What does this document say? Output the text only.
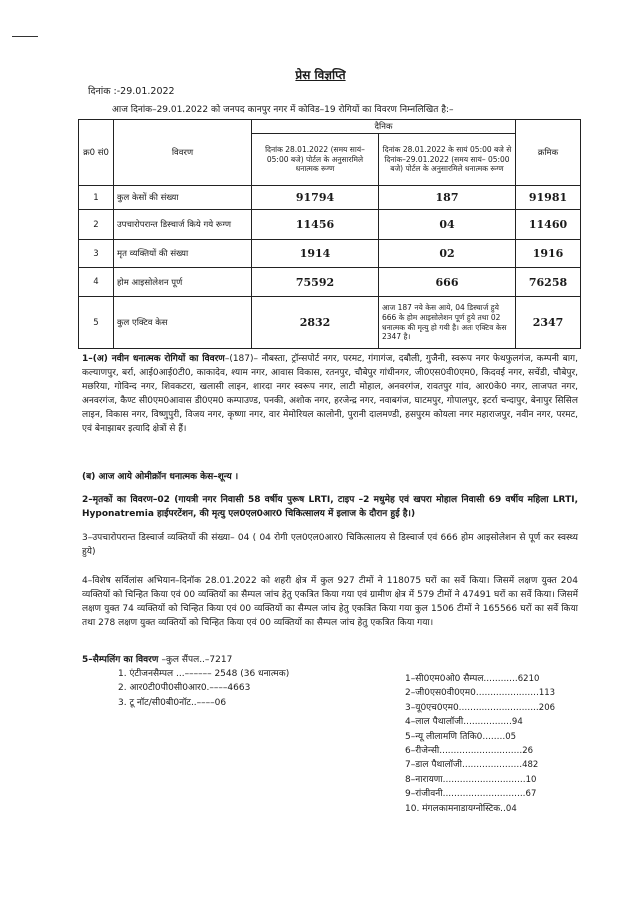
प्रेस विज्ञप्ति
दिनांक :-29.01.2022
आज दिनांक–29.01.2022 को जनपद कानपुर नगर में कोविड–19 रोगियों का विवरण निम्नलिखित है:–
क्र0 सं0	विवरण	दैनिक		क्रमिक
		दिनांक 28.01.2022 (समय सायं– 05:00 बजे) पोर्टल के अनुसारमिले धनात्मक रूग्ण	दिनांक 28.01.2022 के सायं 05:00 बजे से दिनांक–29.01.2022 (समय सायं– 05:00 बजे) पोर्टल के अनुसारमिले धनात्मक रूग्ण	
1	कुल केसों की संख्या	91794	187	91981
2	उपचारोपरान्त डिस्चार्ज किये गये रूग्ण	11456	04	11460
3	मृत व्यक्तियों की संख्या	1914	02	1916
4	होम आइसोलेशन पूर्ण	75592	666	76258
5	कुल एक्टिव केस	2832	आज 187 नये केस आये, 04 डिस्चार्ज हुये 666 के होम आइसोलेशन पूर्ण हुये तथा 02 धनात्मक की मृत्यु हो गयी है। अतः एक्टिव केस 2347 है।	2347
1–(अ) नवीन धनात्मक रोगियों का विवरण–(187)– नौबस्ता, ट्रॉन्सपोर्ट नगर, परमट, गंगागंज, दबौली, गुजैनी, स्वरूप नगर फेथफुलगंज, कम्पनी बाग, कल्याणपुर, बर्रा, आई0आई0टी0, काकादेव, श्याम नगर, आवास विकास, रतनपुर, चौबेपुर गांधीनगर, जी0एस0वी0एम0, किदवई नगर, सचेंडी, चौबेपुर, मछरिया, गोविन्द नगर, शिवकटरा, खलासी लाइन, शारदा नगर स्वरूप नगर, लाटी मोहाल, अनवरगंज, रावतपुर गांव, आर0के0 नगर, लाजपत नगर, अनवरगंज, कैण्ट सी0एम0आवास डी0एम0 कम्पाउण्ड, पनकी, अशोक नगर, हरजेन्द्र नगर, नवाबगंज, घाटमपुर, गोपालपुर, इटर्रा चन्दापुर, बेनापुर सिसिल लाइन, विकास नगर, विष्णुपुरी, विजय नगर, कृष्णा नगर, वार मेमोरियल कालोनी, पुरानी दालमण्डी, हसपुरम कोयला नगर महाराजपुर, नवीन नगर, परमट, एवं बेनाझाबर इत्यादि क्षेत्रों से हैं।
(ब) आज आये ओमीक्रॉन धनात्मक केस–शून्य ।
2–मृतकों का विवरण–02 (गायत्री नगर निवासी 58 वर्षीय पुरूष LRTI, टाइप –2 मधुमेह एवं खपरा मोहाल निवासी 69 वर्षीय महिला LRTI, Hyponatremia हाईपरटेंशन, की मृत्यु एल0एल0आर0 चिकित्सालय में इलाज के दौरान हुई है।)
3–उपचारोपरान्त डिस्चार्ज व्यक्तियों की संख्या– 04 ( 04 रोगी एल0एल0आर0 चिकित्सालय से डिस्चार्ज एवं 666 होम आइसोलेशन से पूर्ण कर स्वस्थ्य हुये)
4–विशेष सर्विलांस अभियान–दिनॉक 28.01.2022 को शहरी क्षेत्र में कुल 927 टीमों ने 118075 घरों का सर्वे किया। जिसमें लक्षण युक्त 204 व्यक्तियों को चिन्हित किया एवं 00 व्यक्तियों का सैम्पल जांच हेतु एकत्रित किया गया एवं ग्रामीण क्षेत्र में 579 टीमों ने 47491 घरों का सर्वे किया। जिसमें लक्षण युक्त 74 व्यक्तियों को चिन्हित किया एवं 00 व्यक्तियों का सैम्पल जांच हेतु एकत्रित किया गया कुल 1506 टीमों ने 165566 घरों का सर्वे किया तथा 278 लक्षण युक्त व्यक्तियों को चिन्हित किया एवं 00 व्यक्तियों का सैम्पल जांच हेतु एकत्रित किया गया।
5–सैम्पलिंग का विवरण –कुल सैंपल..–7217
1. एंटीजनसैम्पल ...–––––– 2548 (36 धनात्मक)
2. आर0टी0पी0सी0आर0.––––4663
3. टू नॉट/सी0बी0नॉट..––––06
1–सी0एम0ओ0 सैम्पल............6210
2–जी0एस0वी0एम0......................113
3–यू0एच0एम0............................206
4–लाल पैथालॉजी.................94
5–न्यू लीलामणि तिकि0........05
6–रीजेन्सी.............................26
7–डाल पैथालॉजी.....................482
8–नारायणा.............................10
9–रांजीवनी.............................67
10. मंगलकामनाडायग्नोस्टिक..04
